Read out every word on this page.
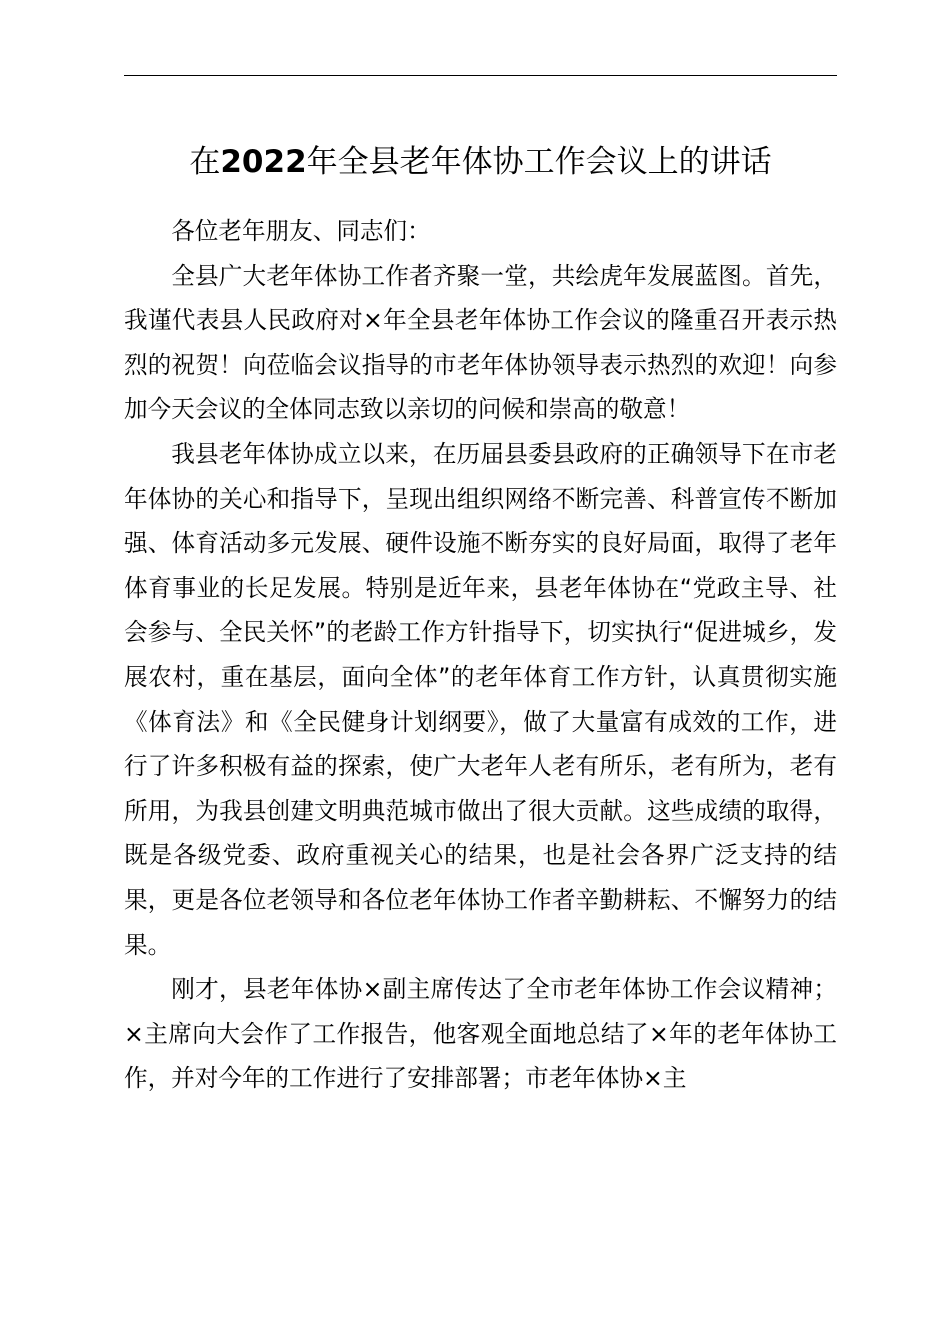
在2022年全县老年体协工作会议上的讲话

各位老年朋友、同志们：

全县广大老年体协工作者齐聚一堂，共绘虎年发展蓝图。首先，我谨代表县人民政府对×年全县老年体协工作会议的隆重召开表示热烈的祝贺！向莅临会议指导的市老年体协领导表示热烈的欢迎！向参加今天会议的全体同志致以亲切的问候和崇高的敬意！

我县老年体协成立以来，在历届县委县政府的正确领导下在市老年体协的关心和指导下，呈现出组织网络不断完善、科普宣传不断加强、体育活动多元发展、硬件设施不断夯实的良好局面，取得了老年体育事业的长足发展。特别是近年来，县老年体协在“党政主导、社会参与、全民关怀”的老龄工作方针指导下，切实执行“促进城乡，发展农村，重在基层，面向全体”的老年体育工作方针，认真贯彻实施《体育法》和《全民健身计划纲要》，做了大量富有成效的工作，进行了许多积极有益的探索，使广大老年人老有所乐，老有所为，老有所用，为我县创建文明典范城市做出了很大贡献。这些成绩的取得，既是各级党委、政府重视关心的结果，也是社会各界广泛支持的结果，更是各位老领导和各位老年体协工作者辛勤耕耘、不懈努力的结果。

刚才，县老年体协×副主席传达了全市老年体协工作会议精神；×主席向大会作了工作报告，他客观全面地总结了×年的老年体协工作，并对今年的工作进行了安排部署；市老年体协×主
